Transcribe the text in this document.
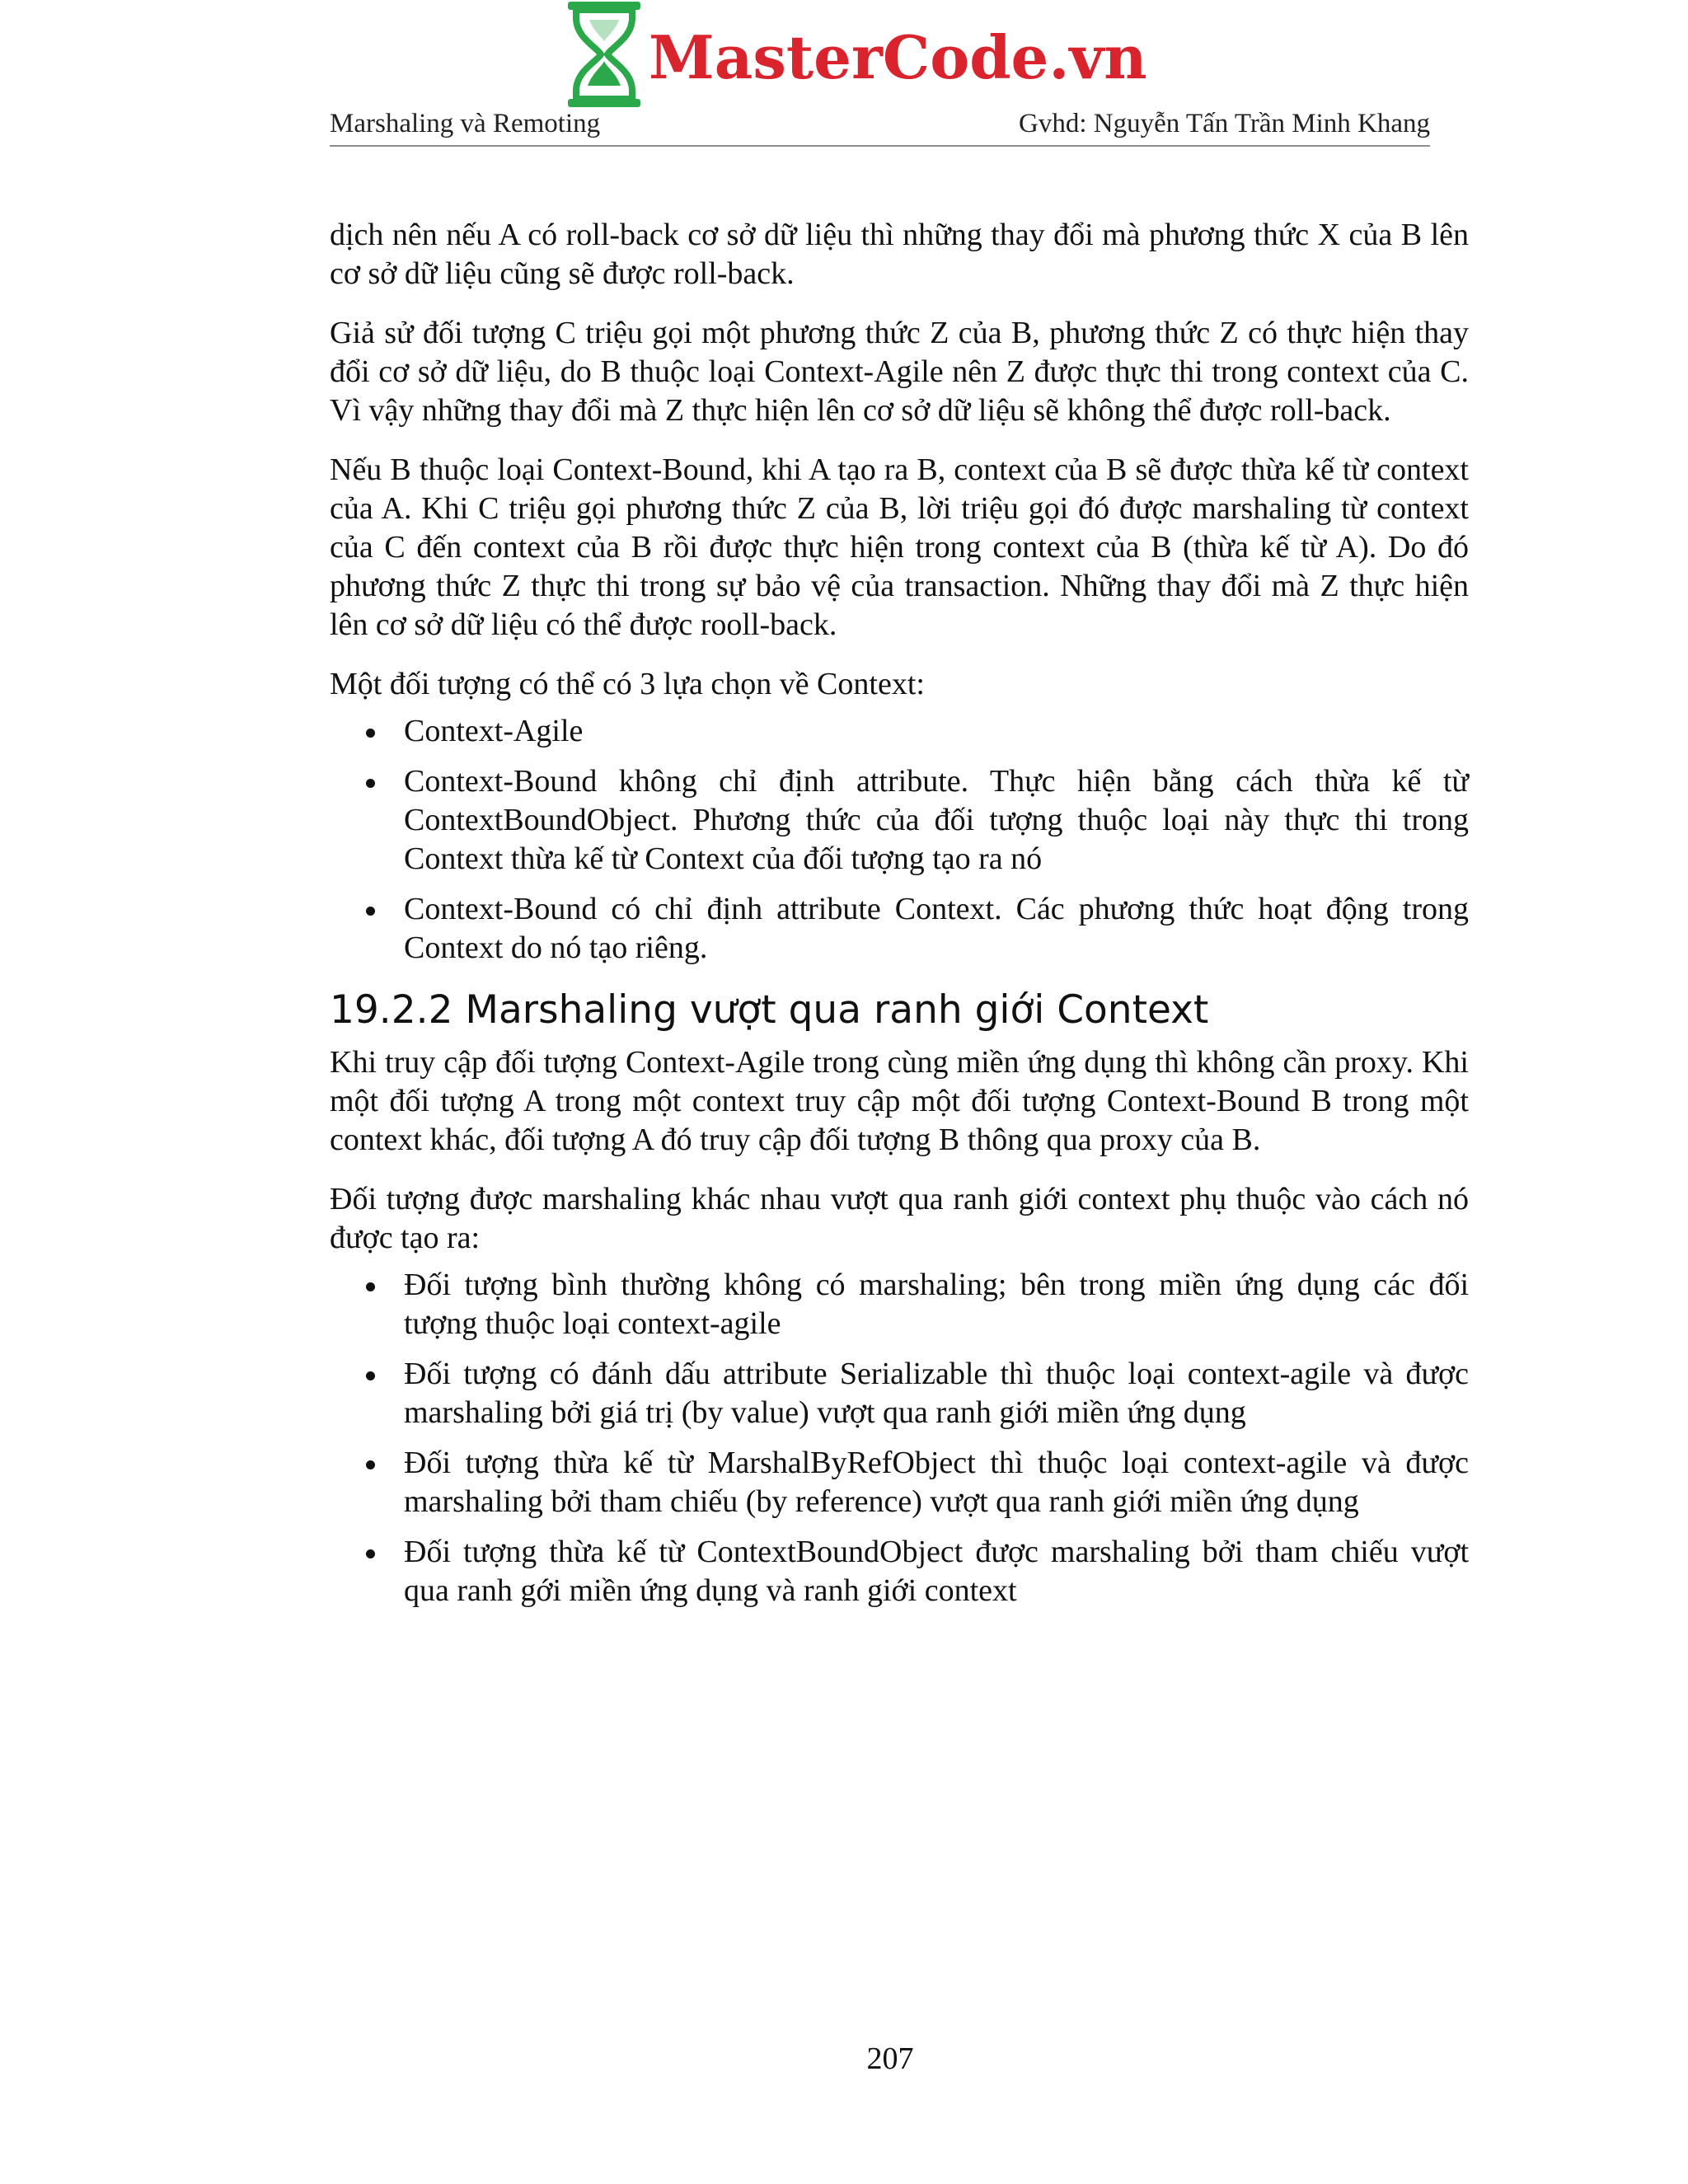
MasterCode.vn
Marshaling và Remoting	Gvhd: Nguyễn Tấn Trần Minh Khang

dịch nên nếu A có roll-back cơ sở dữ liệu thì những thay đổi mà phương thức X của B lên cơ sở dữ liệu cũng sẽ được roll-back.

Giả sử đối tượng C triệu gọi một phương thức Z của B, phương thức Z có thực hiện thay đổi cơ sở dữ liệu, do B thuộc loại Context-Agile nên Z được thực thi trong context của C. Vì vậy những thay đổi mà Z thực hiện lên cơ sở dữ liệu sẽ không thể được roll-back.

Nếu B thuộc loại Context-Bound, khi A tạo ra B, context của B sẽ được thừa kế từ context của A. Khi C triệu gọi phương thức Z của B, lời triệu gọi đó được marshaling từ context của C đến context của B rồi được thực hiện trong context của B (thừa kế từ A). Do đó phương thức Z thực thi trong sự bảo vệ của transaction. Những thay đổi mà Z thực hiện lên cơ sở dữ liệu có thể được rooll-back.

Một đối tượng có thể có 3 lựa chọn về Context:

Context-Agile
Context-Bound không chỉ định attribute. Thực hiện bằng cách thừa kế từ ContextBoundObject. Phương thức của đối tượng thuộc loại này thực thi trong Context thừa kế từ Context của đối tượng tạo ra nó
Context-Bound có chỉ định attribute Context. Các phương thức hoạt động trong Context do nó tạo riêng.
19.2.2 Marshaling vượt qua ranh giới Context

Khi truy cập đối tượng Context-Agile trong cùng miền ứng dụng thì không cần proxy. Khi một đối tượng A trong một context truy cập một đối tượng Context-Bound B trong một context khác, đối tượng A đó truy cập đối tượng B thông qua proxy của B.

Đối tượng được marshaling khác nhau vượt qua ranh giới context phụ thuộc vào cách nó được tạo ra:

Đối tượng bình thường không có marshaling; bên trong miền ứng dụng các đối tượng thuộc loại context-agile
Đối tượng có đánh dấu attribute Serializable thì thuộc loại context-agile và được marshaling bởi giá trị (by value) vượt qua ranh giới miền ứng dụng
Đối tượng thừa kế từ MarshalByRefObject thì thuộc loại context-agile và được marshaling bởi tham chiếu (by reference) vượt qua ranh giới miền ứng dụng
Đối tượng thừa kế từ ContextBoundObject được marshaling bởi tham chiếu vượt qua ranh gới miền ứng dụng và ranh giới context
207
